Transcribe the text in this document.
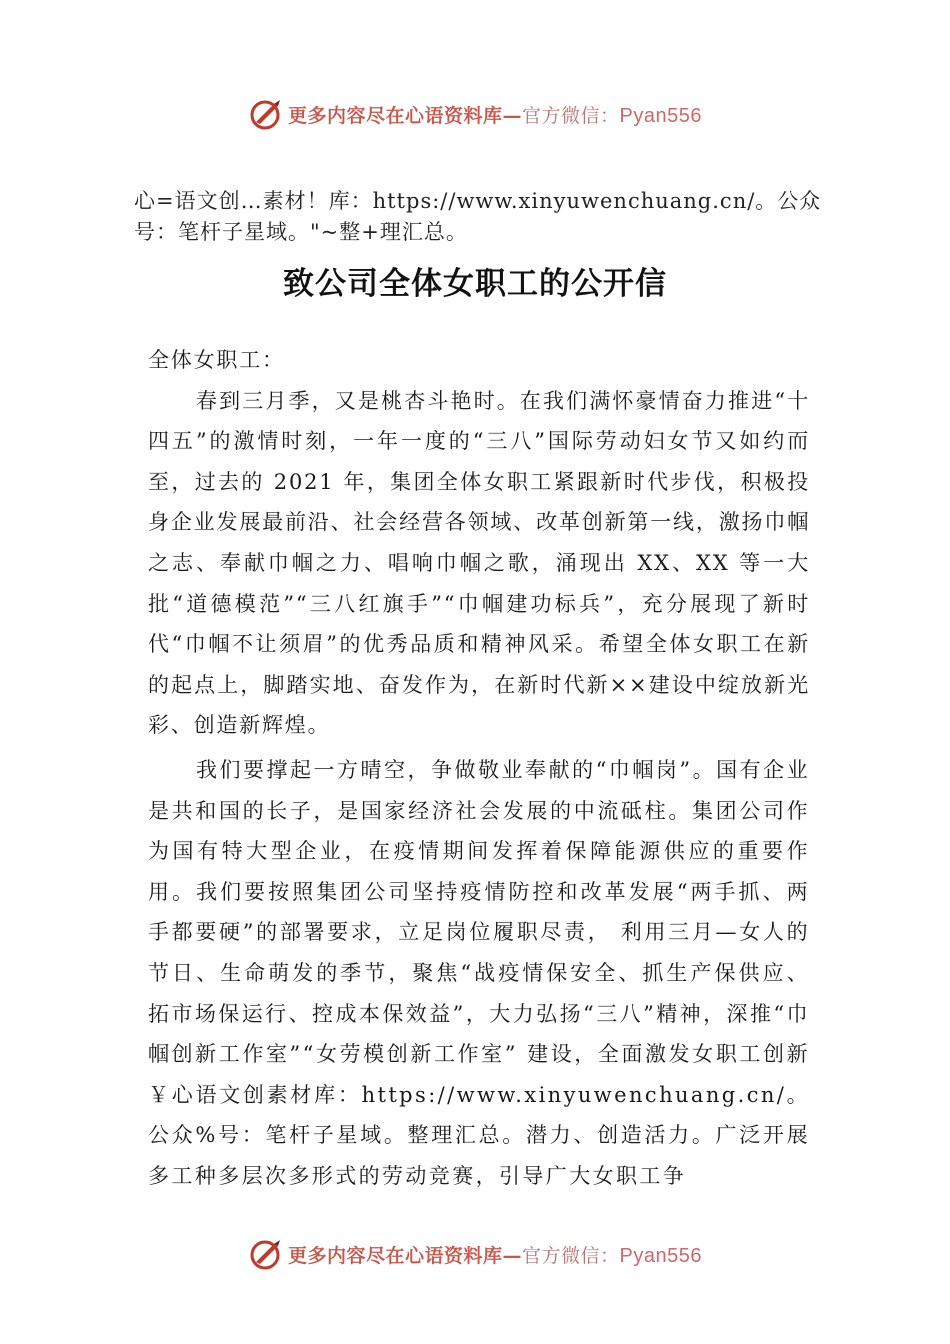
更多内容尽在心语资料库—官方微信：Pyan556
心=语文创…素材！库：https://www.xinyuwenchuang.cn/。公众号：笔杆子星域。"~整+理汇总。
致公司全体女职工的公开信

全体女职工：

春到三月季，又是桃杏斗艳时。在我们满怀豪情奋力推进“十四五”的激情时刻，一年一度的“三八”国际劳动妇女节又如约而至，过去的 2021 年，集团全体女职工紧跟新时代步伐，积极投身企业发展最前沿、社会经营各领域、改革创新第一线，激扬巾帼之志、奉献巾帼之力、唱响巾帼之歌，涌现出 XX、XX 等一大批“道德模范”“三八红旗手”“巾帼建功标兵”，充分展现了新时代“巾帼不让须眉”的优秀品质和精神风采。希望全体女职工在新的起点上，脚踏实地、奋发作为，在新时代新××建设中绽放新光彩、创造新辉煌。

我们要撑起一方晴空，争做敬业奉献的“巾帼岗”。国有企业是共和国的长子，是国家经济社会发展的中流砥柱。集团公司作为国有特大型企业，在疫情期间发挥着保障能源供应的重要作用。我们要按照集团公司坚持疫情防控和改革发展“两手抓、两手都要硬”的部署要求，立足岗位履职尽责， 利用三月—女人的节日、生命萌发的季节，聚焦“战疫情保安全、抓生产保供应、拓市场保运行、控成本保效益”，大力弘扬“三八”精神，深推“巾帼创新工作室”“女劳模创新工作室” 建设，全面激发女职工创新￥心语文创素材库：https://www.xinyuwenchuang.cn/。公众%号：笔杆子星域。整理汇总。潜力、创造活力。广泛开展多工种多层次多形式的劳动竞赛，引导广大女职工争

更多内容尽在心语资料库—官方微信：Pyan556
